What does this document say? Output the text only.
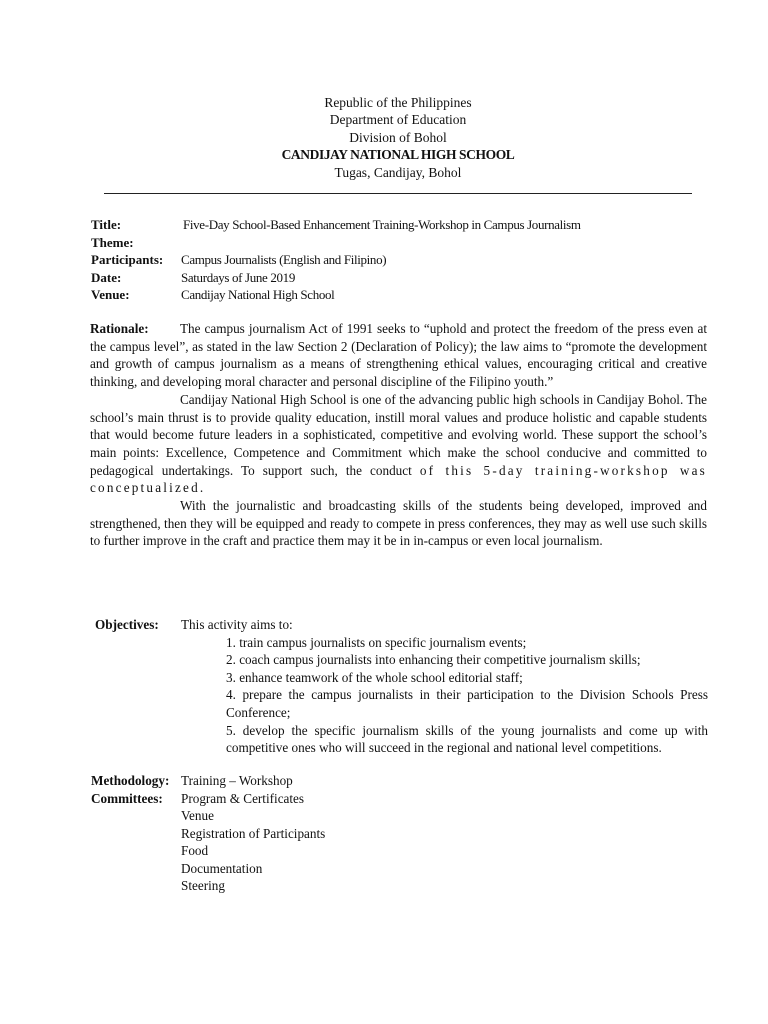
Republic of the Philippines
Department of Education
Division of Bohol
CANDIJAY NATIONAL HIGH SCHOOL
Tugas, Candijay, Bohol
Title:	Five-Day School-Based Enhancement Training-Workshop in Campus Journalism
Theme:
Participants:	Campus Journalists (English and Filipino)
Date:	Saturdays of June 2019
Venue:	Candijay National High School

Rationale: The campus journalism Act of 1991 seeks to “uphold and protect the freedom of the press even at the campus level”, as stated in the law Section 2 (Declaration of Policy); the law aims to “promote the development and growth of campus journalism as a means of strengthening ethical values, encouraging critical and creative thinking, and developing moral character and personal discipline of the Filipino youth.”

Candijay National High School is one of the advancing public high schools in Candijay Bohol. The school’s main thrust is to provide quality education, instill moral values and produce holistic and capable students that would become future leaders in a sophisticated, competitive and evolving world. These support the school’s main points: Excellence, Competence and Commitment which make the school conducive and committed to pedagogical undertakings. To support such, the conduct of this 5-day training-workshop was conceptualized.

With the journalistic and broadcasting skills of the students being developed, improved and strengthened, then they will be equipped and ready to compete in press conferences, they may as well use such skills to further improve in the craft and practice them may it be in in-campus or even local journalism.

Objectives: This activity aims to:
1. train campus journalists on specific journalism events;
2. coach campus journalists into enhancing their competitive journalism skills;
3. enhance teamwork of the whole school editorial staff;
4. prepare the campus journalists in their participation to the Division Schools Press Conference;
5. develop the specific journalism skills of the young journalists and come up with competitive ones who will succeed in the regional and national level competitions.
Methodology: Training – Workshop
Committees:	Program & Certificates
Venue
Registration of Participants
Food
Documentation
Steering
